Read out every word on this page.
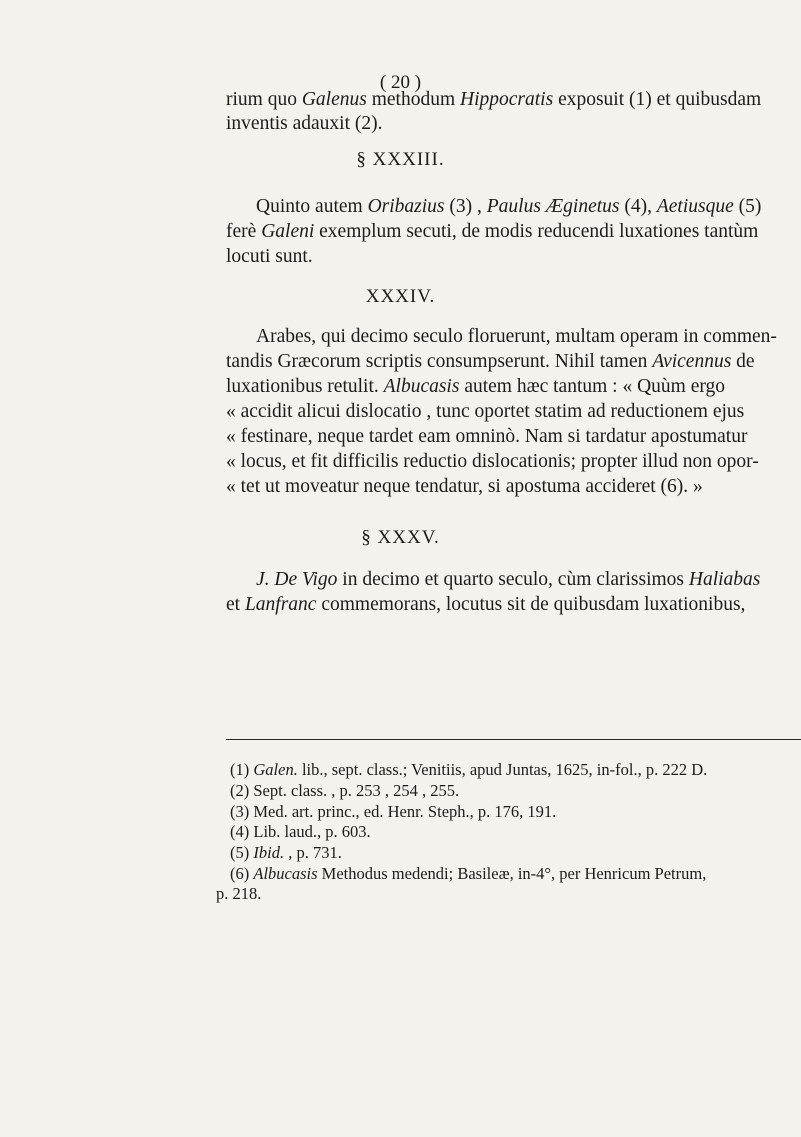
( 20 )
rium quo Galenus methodum Hippocratis exposuit (1) et quibusdam
inventis adauxit (2).
§ XXXIII.
Quinto autem Oribazius (3) , Paulus Æginetus (4), Aetiusque (5)
ferè Galeni exemplum secuti, de modis reducendi luxationes tantùm
locuti sunt.
XXXIV.
Arabes, qui decimo seculo floruerunt, multam operam in commen-
tandis Græcorum scriptis consumpserunt. Nihil tamen Avicennus de
luxationibus retulit. Albucasis autem hæc tantum : « Quùm ergo
« accidit alicui dislocatio , tunc oportet statim ad reductionem ejus
« festinare, neque tardet eam omninò. Nam si tardatur apostumatur
« locus, et fit difficilis reductio dislocationis; propter illud non opor-
« tet ut moveatur neque tendatur, si apostuma accideret (6). »
§ XXXV.
J. De Vigo in decimo et quarto seculo, cùm clarissimos Haliabas
et Lanfranc commemorans, locutus sit de quibusdam luxationibus,
(1) Galen. lib., sept. class.; Venitiis, apud Juntas, 1625, in-fol., p. 222 D.
(2) Sept. class. , p. 253 , 254 , 255.
(3) Med. art. princ., ed. Henr. Steph., p. 176, 191.
(4) Lib. laud., p. 603.
(5) Ibid. , p. 731.
(6) Albucasis Methodus medendi; Basileæ, in-4°, per Henricum Petrum,
p. 218.
